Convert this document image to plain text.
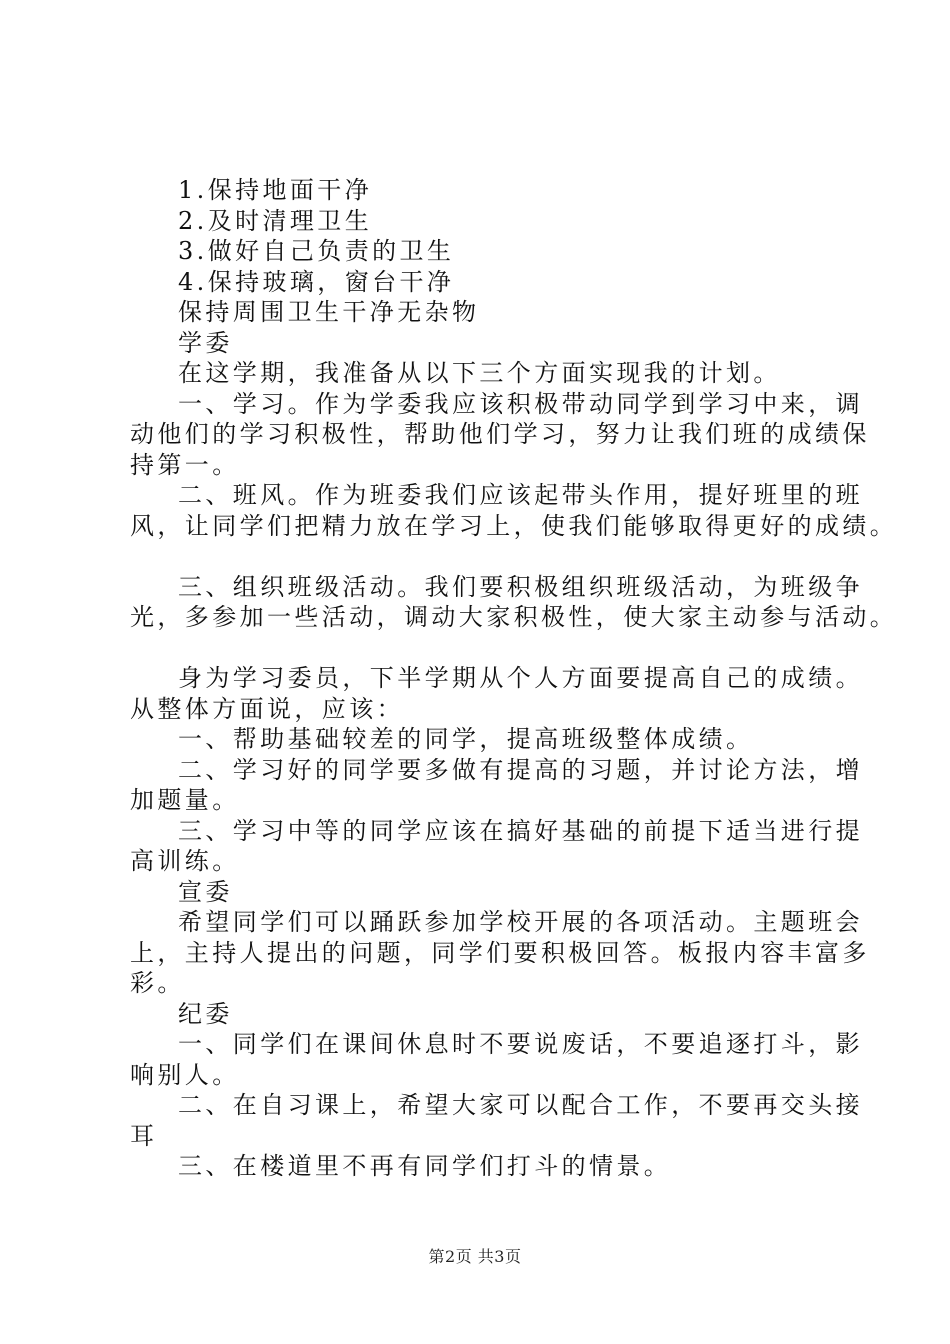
1.保持地面干净
2.及时清理卫生
3.做好自己负责的卫生
4.保持玻璃，窗台干净
保持周围卫生干净无杂物
学委
在这学期，我准备从以下三个方面实现我的计划。
一、学习。作为学委我应该积极带动同学到学习中来，调
动他们的学习积极性，帮助他们学习，努力让我们班的成绩保
持第一。
二、班风。作为班委我们应该起带头作用，提好班里的班
风，让同学们把精力放在学习上，使我们能够取得更好的成绩。
三、组织班级活动。我们要积极组织班级活动，为班级争
光，多参加一些活动，调动大家积极性，使大家主动参与活动。
身为学习委员，下半学期从个人方面要提高自己的成绩。
从整体方面说，应该：
一、帮助基础较差的同学，提高班级整体成绩。
二、学习好的同学要多做有提高的习题，并讨论方法，增
加题量。
三、学习中等的同学应该在搞好基础的前提下适当进行提
高训练。
宣委
希望同学们可以踊跃参加学校开展的各项活动。主题班会
上，主持人提出的问题，同学们要积极回答。板报内容丰富多
彩。
纪委
一、同学们在课间休息时不要说废话，不要追逐打斗，影
响别人。
二、在自习课上，希望大家可以配合工作，不要再交头接
耳
三、在楼道里不再有同学们打斗的情景。
第2页 共3页
